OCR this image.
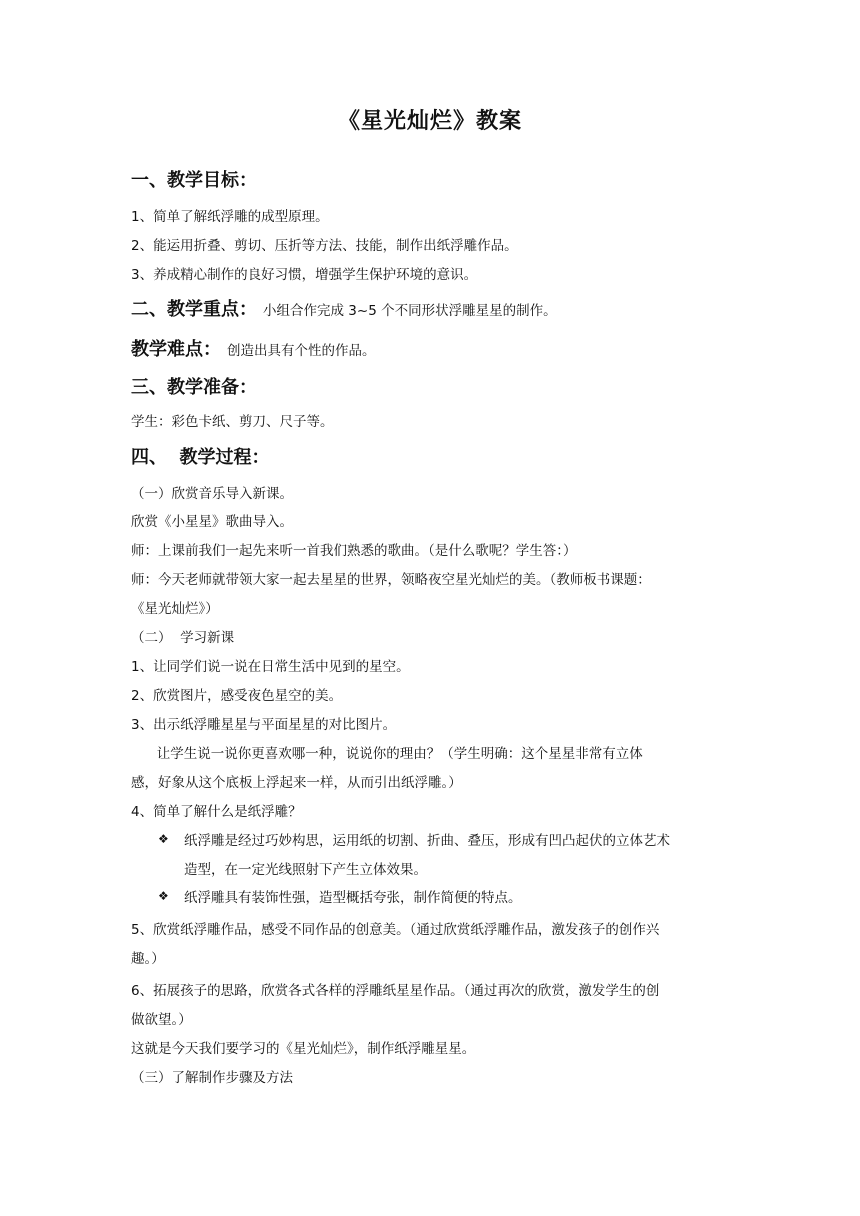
《星光灿烂》教案
一、教学目标：
1、简单了解纸浮雕的成型原理。
2、能运用折叠、剪切、压折等方法、技能，制作出纸浮雕作品。
3、养成精心制作的良好习惯，增强学生保护环境的意识。
二、教学重点： 小组合作完成 3~5 个不同形状浮雕星星的制作。
教学难点： 创造出具有个性的作品。
三、教学准备：
学生：彩色卡纸、剪刀、尺子等。
四、  教学过程：
（一）欣赏音乐导入新课。
欣赏《小星星》歌曲导入。
师：上课前我们一起先来听一首我们熟悉的歌曲。（是什么歌呢？学生答：）
师：今天老师就带领大家一起去星星的世界，领略夜空星光灿烂的美。（教师板书课题：
《星光灿烂》）
（二）  学习新课
1、让同学们说一说在日常生活中见到的星空。
2、欣赏图片，感受夜色星空的美。
3、出示纸浮雕星星与平面星星的对比图片。
让学生说一说你更喜欢哪一种，说说你的理由？（学生明确：这个星星非常有立体
感，好象从这个底板上浮起来一样，从而引出纸浮雕。）
4、简单了解什么是纸浮雕？
❖ 纸浮雕是经过巧妙构思，运用纸的切割、折曲、叠压，形成有凹凸起伏的立体艺术
造型，在一定光线照射下产生立体效果。
❖ 纸浮雕具有装饰性强，造型概括夸张，制作简便的特点。
5、欣赏纸浮雕作品，感受不同作品的创意美。（通过欣赏纸浮雕作品，激发孩子的创作兴
趣。）
6、拓展孩子的思路，欣赏各式各样的浮雕纸星星作品。（通过再次的欣赏，激发学生的创
做欲望。）
这就是今天我们要学习的《星光灿烂》，制作纸浮雕星星。
（三）了解制作步骤及方法
